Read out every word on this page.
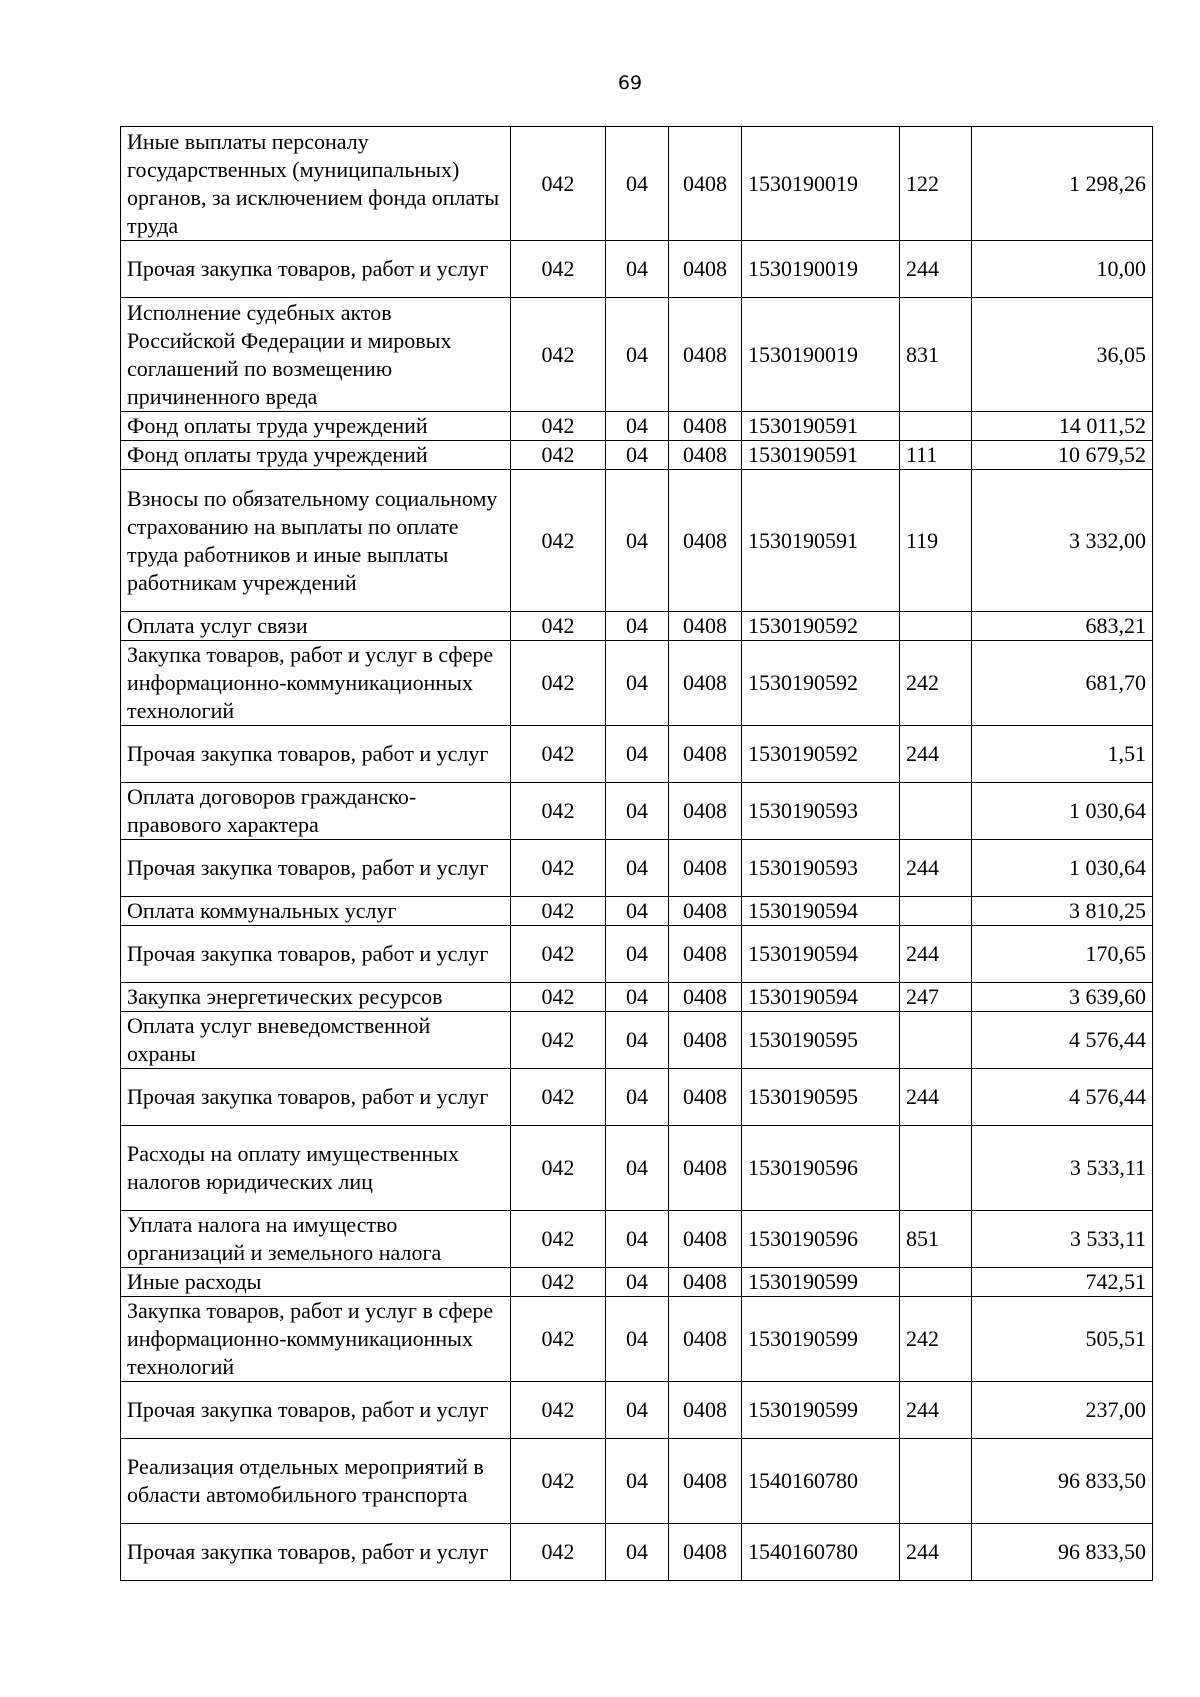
69
Иные выплаты персоналу государственных (муниципальных) органов, за исключением фонда оплаты труда	042	04	0408	1530190019	122	1 298,26
Прочая закупка товаров, работ и услуг	042	04	0408	1530190019	244	10,00
Исполнение судебных актов Российской Федерации и мировых соглашений по возмещению причиненного вреда	042	04	0408	1530190019	831	36,05
Фонд оплаты труда учреждений	042	04	0408	1530190591		14 011,52
Фонд оплаты труда учреждений	042	04	0408	1530190591	111	10 679,52
Взносы по обязательному социальному страхованию на выплаты по оплате труда работников и иные выплаты работникам учреждений	042	04	0408	1530190591	119	3 332,00
Оплата услуг связи	042	04	0408	1530190592		683,21
Закупка товаров, работ и услуг в сфере информационно-коммуникационных технологий	042	04	0408	1530190592	242	681,70
Прочая закупка товаров, работ и услуг	042	04	0408	1530190592	244	1,51
Оплата договоров гражданско-правового характера	042	04	0408	1530190593		1 030,64
Прочая закупка товаров, работ и услуг	042	04	0408	1530190593	244	1 030,64
Оплата коммунальных услуг	042	04	0408	1530190594		3 810,25
Прочая закупка товаров, работ и услуг	042	04	0408	1530190594	244	170,65
Закупка энергетических ресурсов	042	04	0408	1530190594	247	3 639,60
Оплата услуг вневедомственной охраны	042	04	0408	1530190595		4 576,44
Прочая закупка товаров, работ и услуг	042	04	0408	1530190595	244	4 576,44
Расходы на оплату имущественных налогов юридических лиц	042	04	0408	1530190596		3 533,11
Уплата налога на имущество организаций и земельного налога	042	04	0408	1530190596	851	3 533,11
Иные расходы	042	04	0408	1530190599		742,51
Закупка товаров, работ и услуг в сфере информационно-коммуникационных технологий	042	04	0408	1530190599	242	505,51
Прочая закупка товаров, работ и услуг	042	04	0408	1530190599	244	237,00
Реализация отдельных мероприятий в области автомобильного транспорта	042	04	0408	1540160780		96 833,50
Прочая закупка товаров, работ и услуг	042	04	0408	1540160780	244	96 833,50
